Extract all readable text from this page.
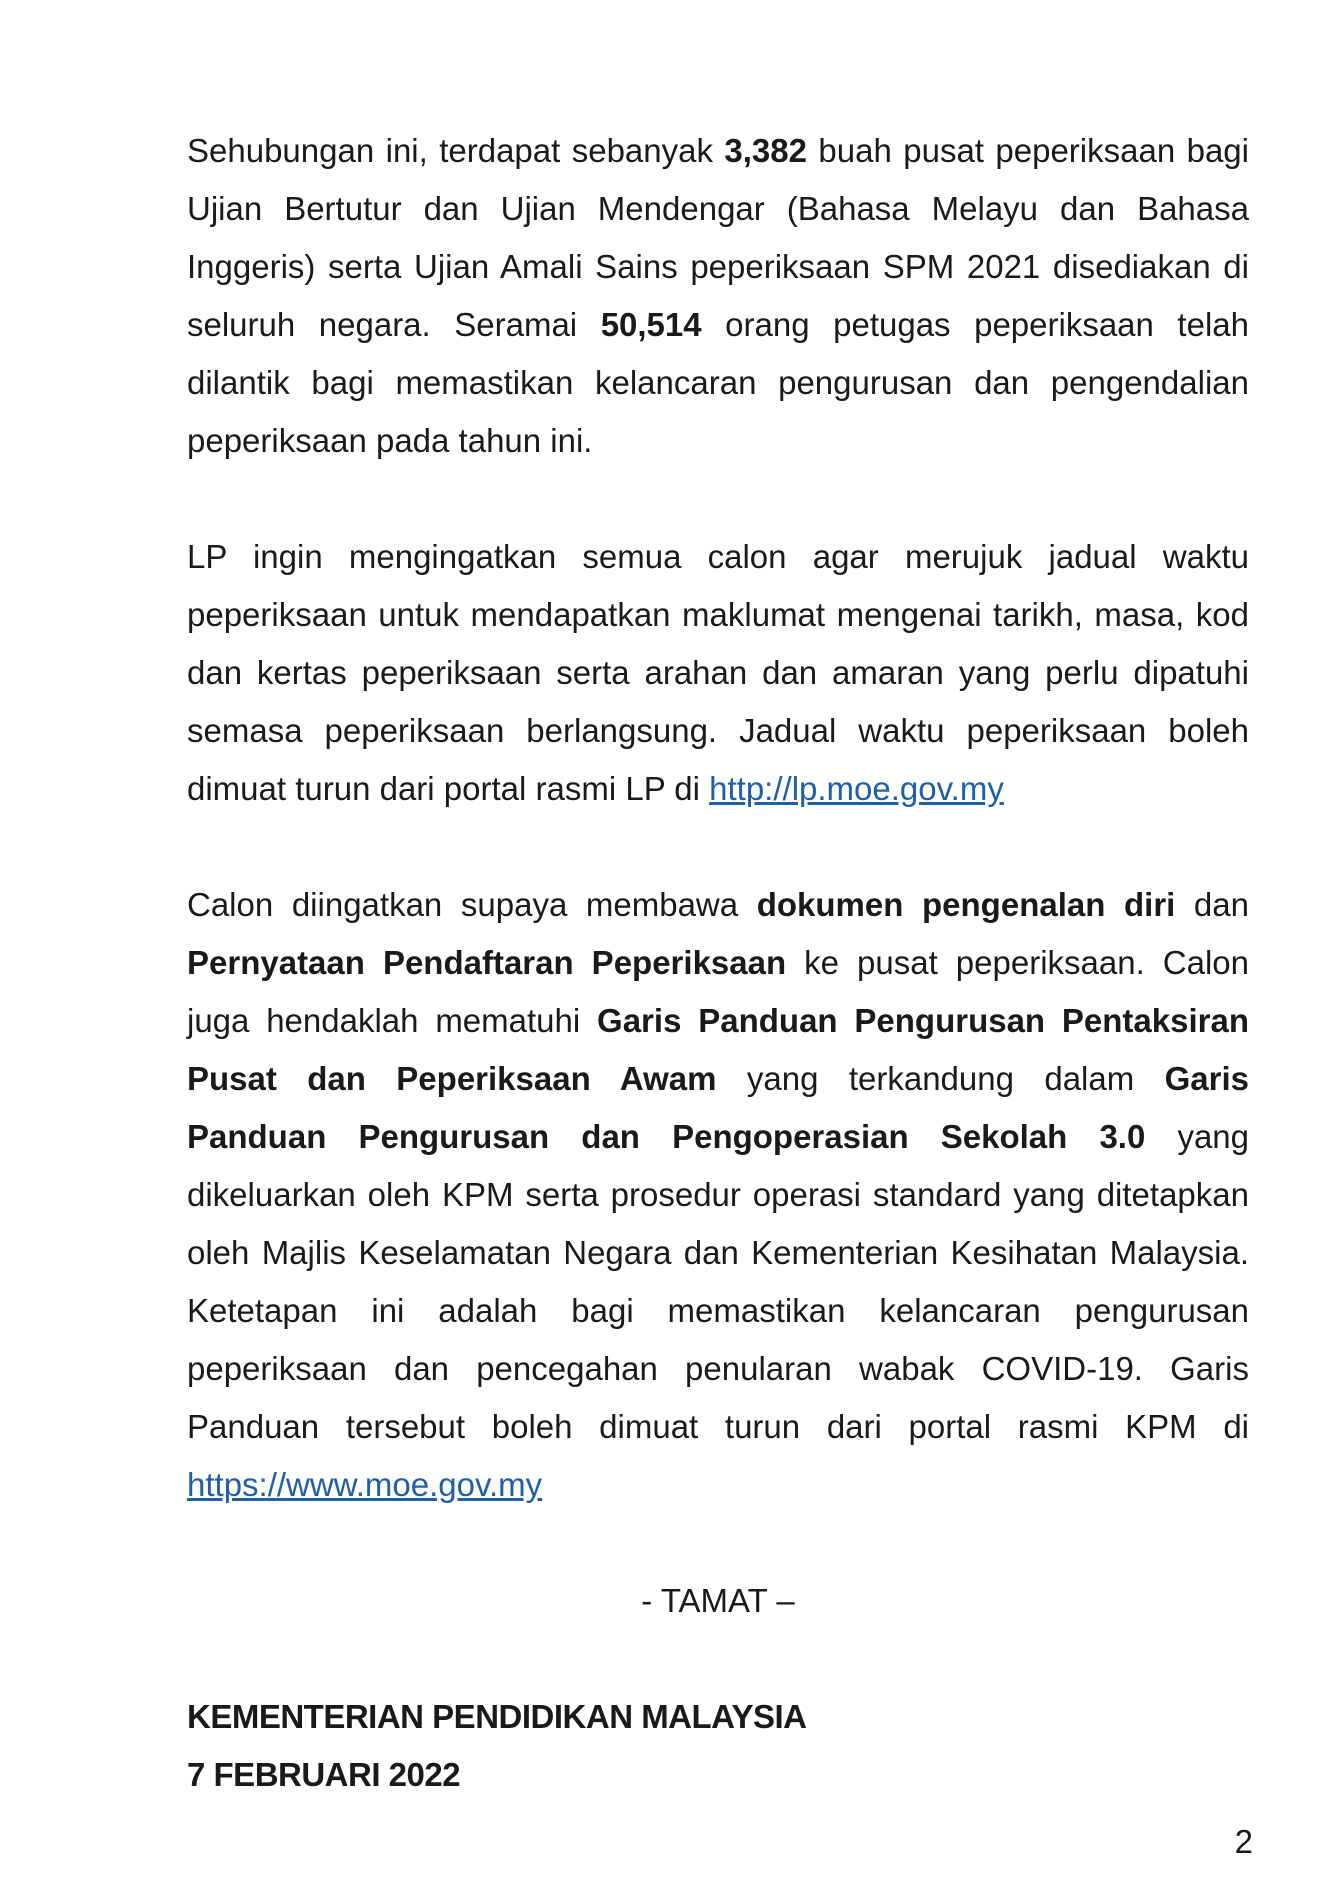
Sehubungan ini, terdapat sebanyak 3,382 buah pusat peperiksaan bagi Ujian Bertutur dan Ujian Mendengar (Bahasa Melayu dan Bahasa Inggeris) serta Ujian Amali Sains peperiksaan SPM 2021 disediakan di seluruh negara. Seramai 50,514 orang petugas peperiksaan telah dilantik bagi memastikan kelancaran pengurusan dan pengendalian peperiksaan pada tahun ini.

LP ingin mengingatkan semua calon agar merujuk jadual waktu peperiksaan untuk mendapatkan maklumat mengenai tarikh, masa, kod dan kertas peperiksaan serta arahan dan amaran yang perlu dipatuhi semasa peperiksaan berlangsung. Jadual waktu peperiksaan boleh dimuat turun dari portal rasmi LP di http://lp.moe.gov.my

Calon diingatkan supaya membawa dokumen pengenalan diri dan Pernyataan Pendaftaran Peperiksaan ke pusat peperiksaan. Calon juga hendaklah mematuhi Garis Panduan Pengurusan Pentaksiran Pusat dan Peperiksaan Awam yang terkandung dalam Garis Panduan Pengurusan dan Pengoperasian Sekolah 3.0 yang dikeluarkan oleh KPM serta prosedur operasi standard yang ditetapkan oleh Majlis Keselamatan Negara dan Kementerian Kesihatan Malaysia. Ketetapan ini adalah bagi memastikan kelancaran pengurusan peperiksaan dan pencegahan penularan wabak COVID-19. Garis Panduan tersebut boleh dimuat turun dari portal rasmi KPM di https://www.moe.gov.my

- TAMAT –

KEMENTERIAN PENDIDIKAN MALAYSIA

7 FEBRUARI 2022

2
